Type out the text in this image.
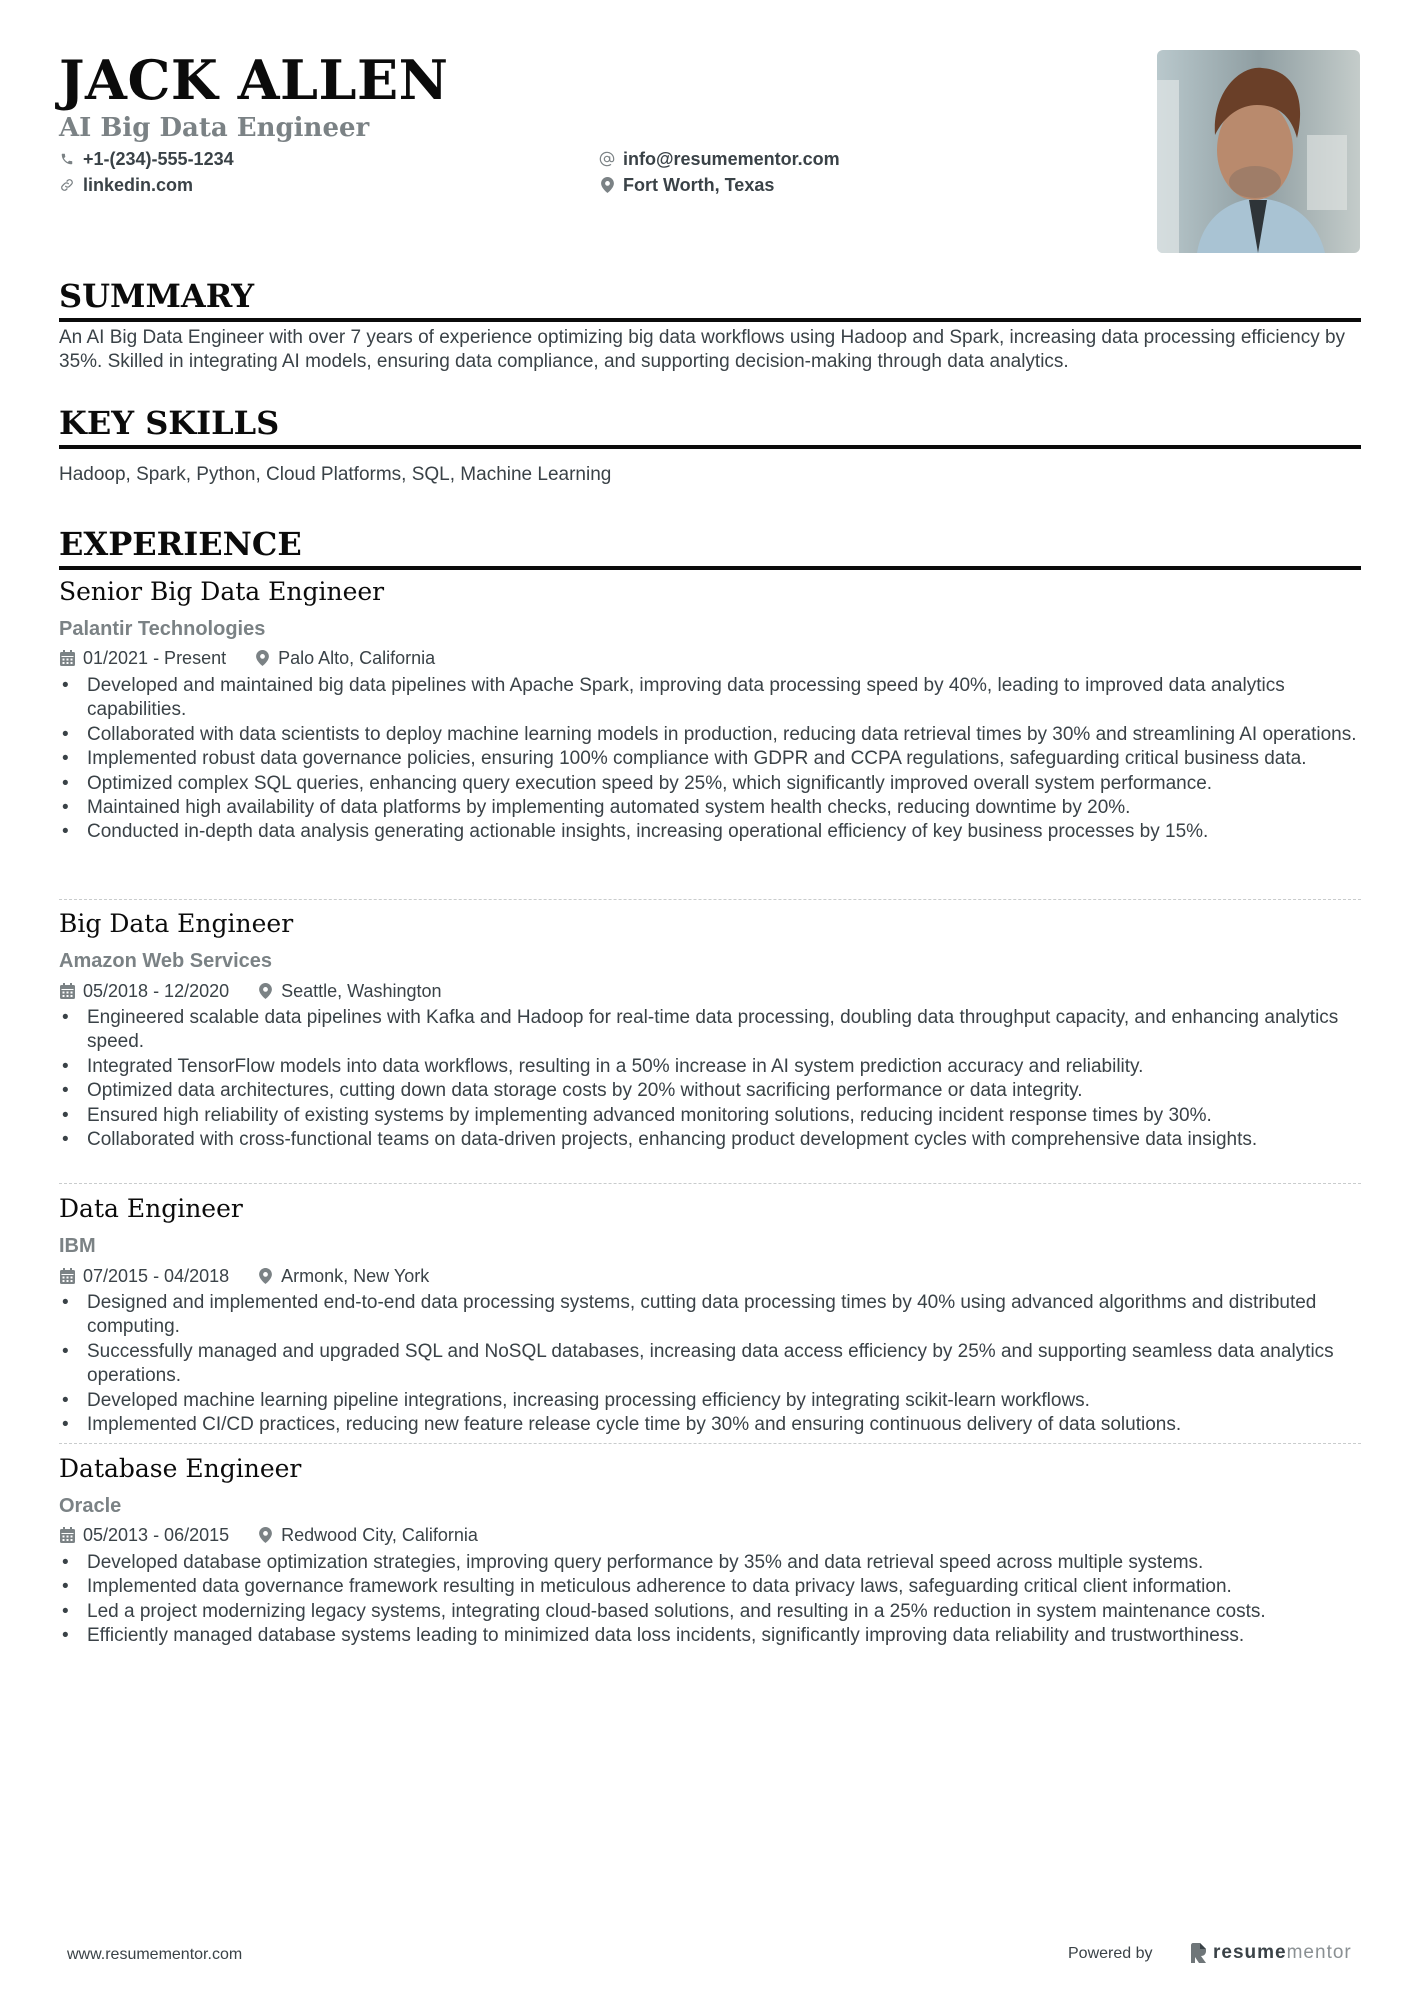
JACK ALLEN
AI Big Data Engineer
+1-(234)-555-1234
linkedin.com
info@resumementor.com
Fort Worth, Texas
SUMMARY
An AI Big Data Engineer with over 7 years of experience optimizing big data workflows using Hadoop and Spark, increasing data processing efficiency by 35%. Skilled in integrating AI models, ensuring data compliance, and supporting decision-making through data analytics.
KEY SKILLS
Hadoop, Spark, Python, Cloud Platforms, SQL, Machine Learning
EXPERIENCE
Senior Big Data Engineer
Palantir Technologies
01/2021 - Present	Palo Alto, California
• Developed and maintained big data pipelines with Apache Spark, improving data processing speed by 40%, leading to improved data analytics capabilities.
• Collaborated with data scientists to deploy machine learning models in production, reducing data retrieval times by 30% and streamlining AI operations.
• Implemented robust data governance policies, ensuring 100% compliance with GDPR and CCPA regulations, safeguarding critical business data.
• Optimized complex SQL queries, enhancing query execution speed by 25%, which significantly improved overall system performance.
• Maintained high availability of data platforms by implementing automated system health checks, reducing downtime by 20%.
• Conducted in-depth data analysis generating actionable insights, increasing operational efficiency of key business processes by 15%.
Big Data Engineer
Amazon Web Services
05/2018 - 12/2020	Seattle, Washington
• Engineered scalable data pipelines with Kafka and Hadoop for real-time data processing, doubling data throughput capacity, and enhancing analytics speed.
• Integrated TensorFlow models into data workflows, resulting in a 50% increase in AI system prediction accuracy and reliability.
• Optimized data architectures, cutting down data storage costs by 20% without sacrificing performance or data integrity.
• Ensured high reliability of existing systems by implementing advanced monitoring solutions, reducing incident response times by 30%.
• Collaborated with cross-functional teams on data-driven projects, enhancing product development cycles with comprehensive data insights.
Data Engineer
IBM
07/2015 - 04/2018	Armonk, New York
• Designed and implemented end-to-end data processing systems, cutting data processing times by 40% using advanced algorithms and distributed computing.
• Successfully managed and upgraded SQL and NoSQL databases, increasing data access efficiency by 25% and supporting seamless data analytics operations.
• Developed machine learning pipeline integrations, increasing processing efficiency by integrating scikit-learn workflows.
• Implemented CI/CD practices, reducing new feature release cycle time by 30% and ensuring continuous delivery of data solutions.
Database Engineer
Oracle
05/2013 - 06/2015	Redwood City, California
• Developed database optimization strategies, improving query performance by 35% and data retrieval speed across multiple systems.
• Implemented data governance framework resulting in meticulous adherence to data privacy laws, safeguarding critical client information.
• Led a project modernizing legacy systems, integrating cloud-based solutions, and resulting in a 25% reduction in system maintenance costs.
• Efficiently managed database systems leading to minimized data loss incidents, significantly improving data reliability and trustworthiness.
www.resumementor.com	Powered by	resumementor
